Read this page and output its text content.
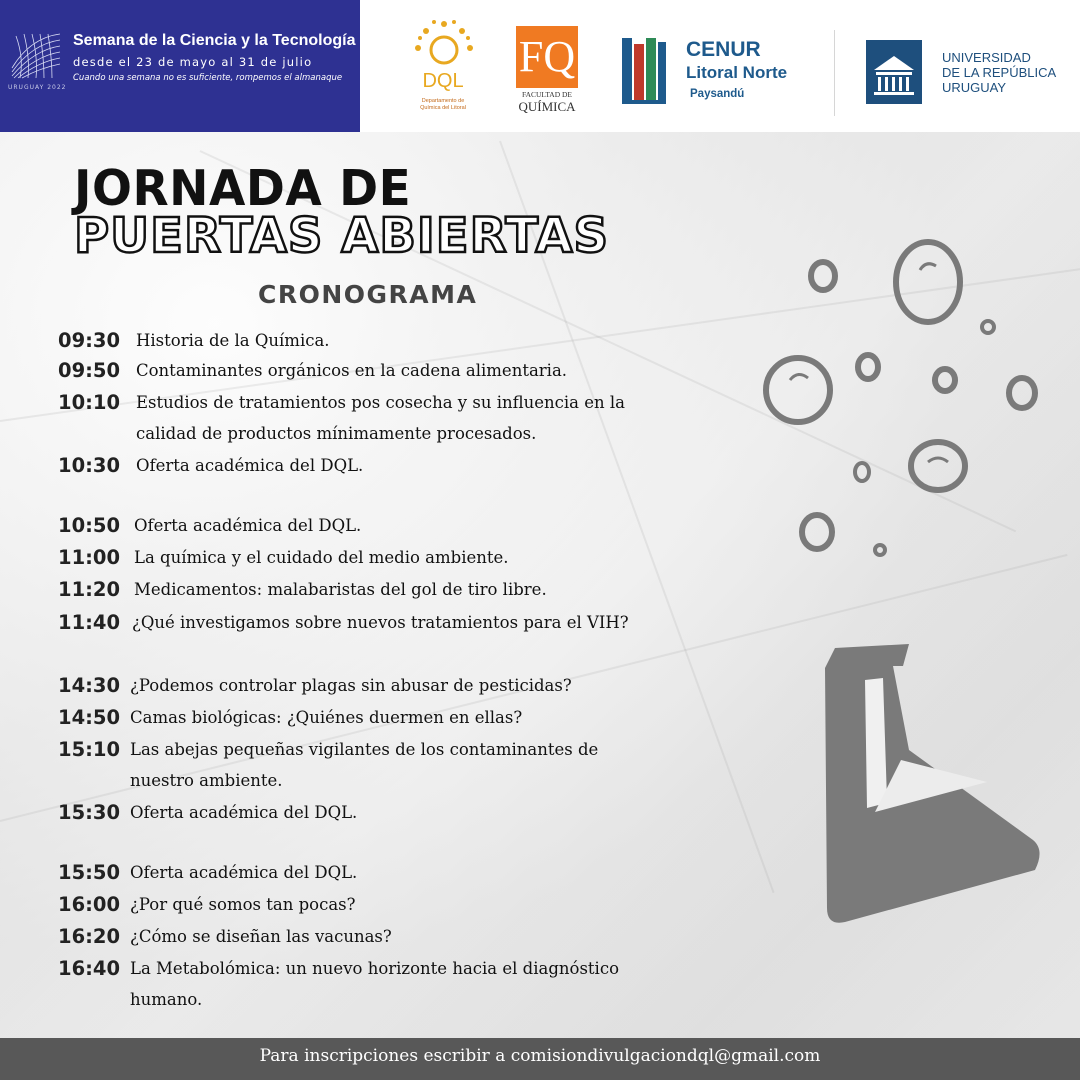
URUGUAY 2022
Semana de la Ciencia y la Tecnología
desde el 23 de mayo al 31 de julio
Cuando una semana no es suficiente, rompemos el almanaque	DQL
Departamento de
Química del Litoral
FQ
FACULTAD DE
QUÍMICA
CENUR
Litoral Norte
Paysandú
UNIVERSIDAD
DE LA REPÚBLICA
URUGUAY
JORNADA DE
PUERTAS ABIERTAS
CRONOGRAMA
09:30 Historia de la Química.
09:50 Contaminantes orgánicos en la cadena alimentaria.
10:10 Estudios de tratamientos pos cosecha y su influencia en la
calidad de productos mínimamente procesados.
10:30 Oferta académica del DQL.
10:50 Oferta académica del DQL.
11:00 La química y el cuidado del medio ambiente.
11:20 Medicamentos: malabaristas del gol de tiro libre.
11:40 ¿Qué investigamos sobre nuevos tratamientos para el VIH?
14:30 ¿Podemos controlar plagas sin abusar de pesticidas?
14:50 Camas biológicas: ¿Quiénes duermen en ellas?
15:10 Las abejas pequeñas vigilantes de los contaminantes de
nuestro ambiente.
15:30 Oferta académica del DQL.
15:50 Oferta académica del DQL.
16:00 ¿Por qué somos tan pocas?
16:20 ¿Cómo se diseñan las vacunas?
16:40 La Metabolómica: un nuevo horizonte hacia el diagnóstico
humano.
Para inscripciones escribir a comisiondivulgaciondql@gmail.com
